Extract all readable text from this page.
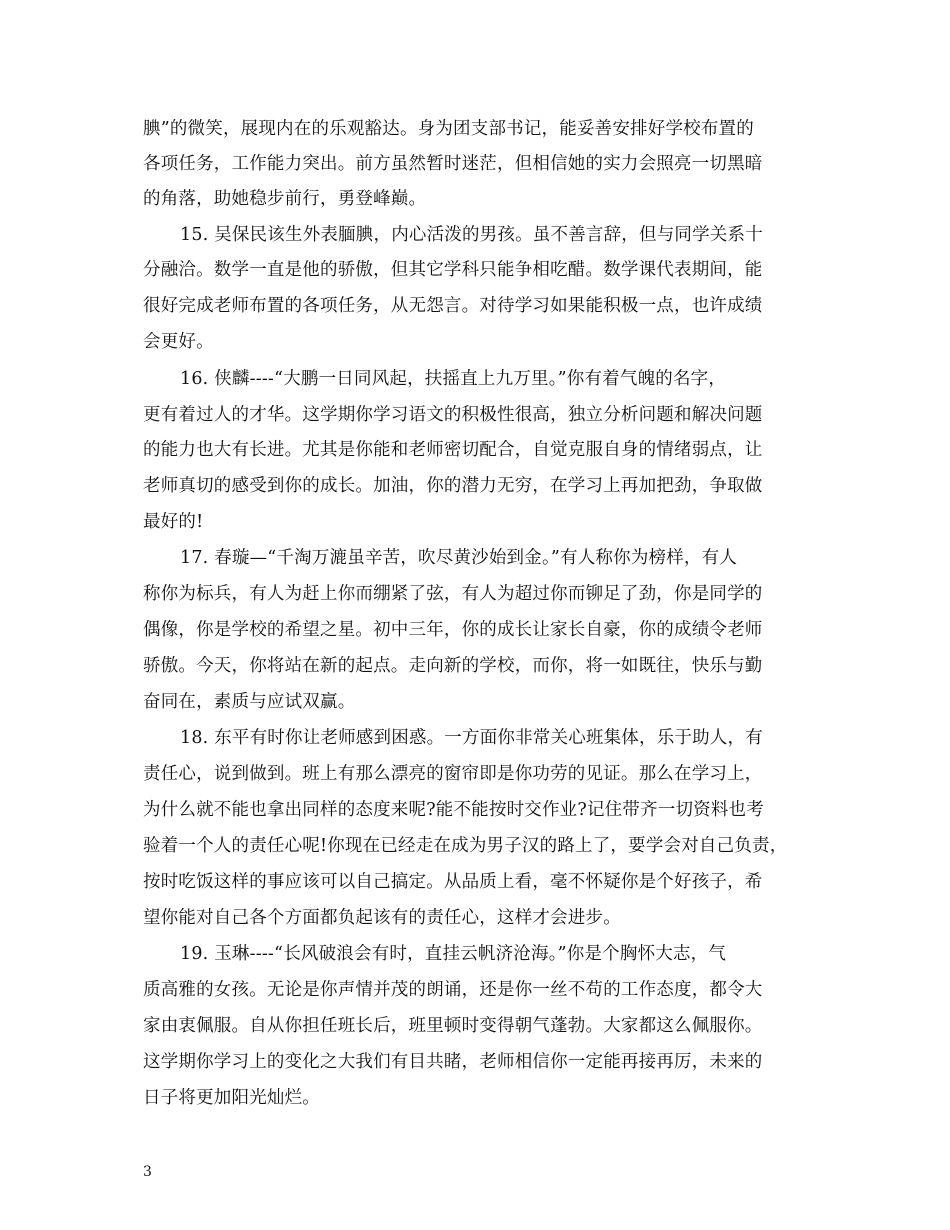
腆”的微笑，展现内在的乐观豁达。身为团支部书记，能妥善安排好学校布置的
各项任务，工作能力突出。前方虽然暂时迷茫，但相信她的实力会照亮一切黑暗
的角落，助她稳步前行，勇登峰巅。
15. 吴保民该生外表腼腆，内心活泼的男孩。虽不善言辞，但与同学关系十
分融洽。数学一直是他的骄傲，但其它学科只能争相吃醋。数学课代表期间，能
很好完成老师布置的各项任务，从无怨言。对待学习如果能积极一点，也许成绩
会更好。
16. 侠麟----“大鹏一日同风起，扶摇直上九万里。”你有着气魄的名字，
更有着过人的才华。这学期你学习语文的积极性很高，独立分析问题和解决问题
的能力也大有长进。尤其是你能和老师密切配合，自觉克服自身的情绪弱点，让
老师真切的感受到你的成长。加油，你的潜力无穷，在学习上再加把劲，争取做
最好的!
17. 春璇—“千淘万漉虽辛苦，吹尽黄沙始到金。”有人称你为榜样，有人
称你为标兵，有人为赶上你而绷紧了弦，有人为超过你而铆足了劲，你是同学的
偶像，你是学校的希望之星。初中三年，你的成长让家长自豪，你的成绩令老师
骄傲。今天，你将站在新的起点。走向新的学校，而你，将一如既往，快乐与勤
奋同在，素质与应试双赢。
18. 东平有时你让老师感到困惑。一方面你非常关心班集体，乐于助人，有
责任心，说到做到。班上有那么漂亮的窗帘即是你功劳的见证。那么在学习上，
为什么就不能也拿出同样的态度来呢?能不能按时交作业?记住带齐一切资料也考
验着一个人的责任心呢!你现在已经走在成为男子汉的路上了，要学会对自己负责，
按时吃饭这样的事应该可以自己搞定。从品质上看，毫不怀疑你是个好孩子，希
望你能对自己各个方面都负起该有的责任心，这样才会进步。
19. 玉琳----“长风破浪会有时，直挂云帆济沧海。”你是个胸怀大志，气
质高雅的女孩。无论是你声情并茂的朗诵，还是你一丝不苟的工作态度，都令大
家由衷佩服。自从你担任班长后，班里顿时变得朝气蓬勃。大家都这么佩服你。
这学期你学习上的变化之大我们有目共睹，老师相信你一定能再接再厉，未来的
日子将更加阳光灿烂。
3
